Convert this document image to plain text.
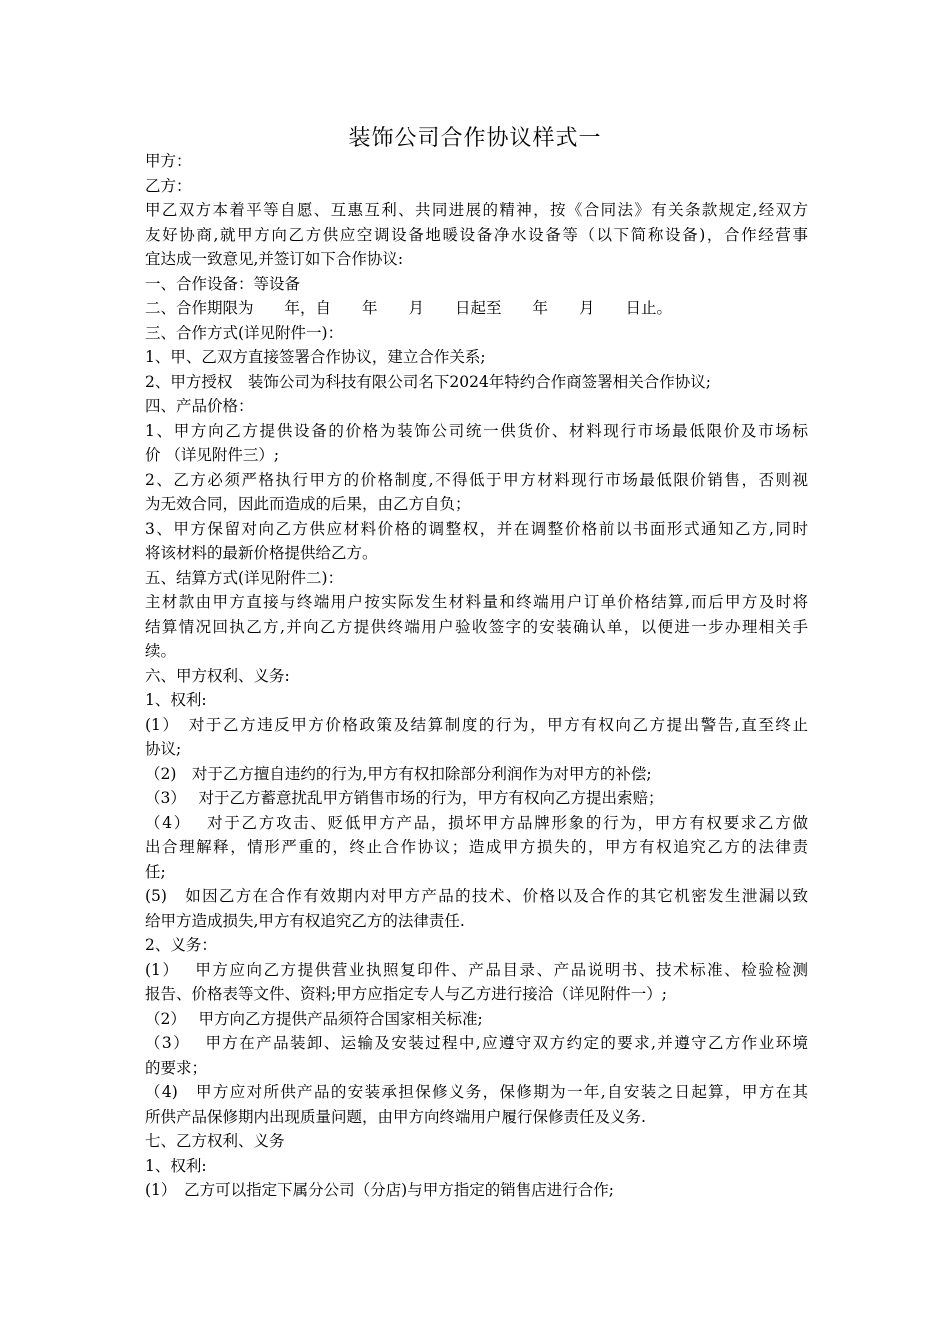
装饰公司合作协议样式一
甲方：
乙方：
甲乙双方本着平等自愿、互惠互利、共同进展的精神，按《合同法》有关条款规定,经双方
友好协商,就甲方向乙方供应空调设备地暖设备净水设备等（以下简称设备)，合作经营事
宜达成一致意见,并签订如下合作协议:
一、合作设备：等设备
二、合作期限为　　年，自　　年　　月　　日起至　　年　　月　　日止。
三、合作方式(详见附件一)：
1、甲、乙双方直接签署合作协议，建立合作关系;
2、甲方授权　装饰公司为科技有限公司名下2024年特约合作商签署相关合作协议;
四、产品价格：
1、甲方向乙方提供设备的价格为装饰公司统一供货价、材料现行市场最低限价及市场标
价 （详见附件三）;
2、乙方必须严格执行甲方的价格制度,不得低于甲方材料现行市场最低限价销售，否则视
为无效合同，因此而造成的后果，由乙方自负；
3、甲方保留对向乙方供应材料价格的调整权，并在调整价格前以书面形式通知乙方,同时
将该材料的最新价格提供给乙方。
五、结算方式(详见附件二)：
主材款由甲方直接与终端用户按实际发生材料量和终端用户订单价格结算,而后甲方及时将
结算情况回执乙方,并向乙方提供终端用户验收签字的安装确认单，以便进一步办理相关手
续。
六、甲方权利、义务:
1、权利:
(1）　对于乙方违反甲方价格政策及结算制度的行为，甲方有权向乙方提出警告,直至终止
协议;
（2)　对于乙方擅自违约的行为,甲方有权扣除部分利润作为对甲方的补偿;
（3）　 对于乙方蓄意扰乱甲方销售市场的行为，甲方有权向乙方提出索赔；
（4）　 对于乙方攻击、贬低甲方产品，损坏甲方品牌形象的行为，甲方有权要求乙方做
出合理解释，情形严重的，终止合作协议；造成甲方损失的，甲方有权追究乙方的法律责
任;
(5)　如因乙方在合作有效期内对甲方产品的技术、价格以及合作的其它机密发生泄漏以致
给甲方造成损失,甲方有权追究乙方的法律责任.
2、义务：
(1）　 甲方应向乙方提供营业执照复印件、产品目录、产品说明书、技术标准、检验检测
报告、价格表等文件、资料;甲方应指定专人与乙方进行接洽（详见附件一）;
（2）　 甲方向乙方提供产品须符合国家相关标准;
（3）　 甲方在产品装卸、运输及安装过程中,应遵守双方约定的要求,并遵守乙方作业环境
的要求；
（4)　甲方应对所供产品的安装承担保修义务，保修期为一年,自安装之日起算，甲方在其
所供产品保修期内出现质量问题，由甲方向终端用户履行保修责任及义务.
七、乙方权利、义务
1、权利:
(1）　乙方可以指定下属分公司（分店)与甲方指定的销售店进行合作;
